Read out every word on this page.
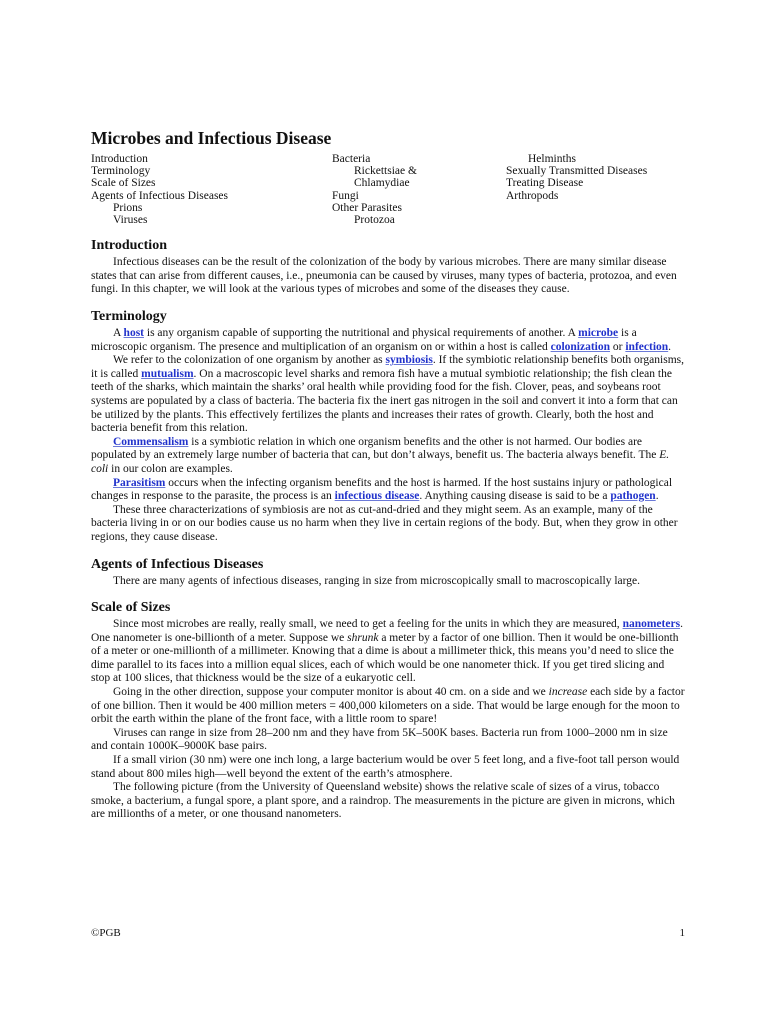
Microbes and Infectious Disease
Introduction
Terminology
Scale of Sizes
Agents of Infectious Diseases
Prions
Viruses
Bacteria
Rickettsiae &
Chlamydiae
Fungi
Other Parasites
Protozoa
Helminths
Sexually Transmitted Diseases
Treating Disease
Arthropods
Introduction

Infectious diseases can be the result of the colonization of the body by various microbes. There are many similar disease states that can arise from different causes, i.e., pneumonia can be caused by viruses, many types of bacteria, protozoa, and even fungi. In this chapter, we will look at the various types of microbes and some of the diseases they cause.

Terminology

A host is any organism capable of supporting the nutritional and physical requirements of another. A microbe is a microscopic organism. The presence and multiplication of an organism on or within a host is called colonization or infection.

We refer to the colonization of one organism by another as symbiosis. If the symbiotic relationship benefits both organisms, it is called mutualism. On a macroscopic level sharks and remora fish have a mutual symbiotic relationship; the fish clean the teeth of the sharks, which maintain the sharks’ oral health while providing food for the fish. Clover, peas, and soybeans root systems are populated by a class of bacteria. The bacteria fix the inert gas nitrogen in the soil and convert it into a form that can be utilized by the plants. This effectively fertilizes the plants and increases their rates of growth. Clearly, both the host and bacteria benefit from this relation.

Commensalism is a symbiotic relation in which one organism benefits and the other is not harmed. Our bodies are populated by an extremely large number of bacteria that can, but don’t always, benefit us. The bacteria always benefit. The E. coli in our colon are examples.

Parasitism occurs when the infecting organism benefits and the host is harmed. If the host sustains injury or pathological changes in response to the parasite, the process is an infectious disease. Anything causing disease is said to be a pathogen.

These three characterizations of symbiosis are not as cut-and-dried and they might seem. As an example, many of the bacteria living in or on our bodies cause us no harm when they live in certain regions of the body. But, when they grow in other regions, they cause disease.

Agents of Infectious Diseases

There are many agents of infectious diseases, ranging in size from microscopically small to macroscopically large.

Scale of Sizes

Since most microbes are really, really small, we need to get a feeling for the units in which they are measured, nanometers. One nanometer is one-billionth of a meter. Suppose we shrunk a meter by a factor of one billion. Then it would be one-billionth of a meter or one-millionth of a millimeter. Knowing that a dime is about a millimeter thick, this means you’d need to slice the dime parallel to its faces into a million equal slices, each of which would be one nanometer thick. If you get tired slicing and stop at 100 slices, that thickness would be the size of a eukaryotic cell.

Going in the other direction, suppose your computer monitor is about 40 cm. on a side and we increase each side by a factor of one billion. Then it would be 400 million meters = 400,000 kilometers on a side. That would be large enough for the moon to orbit the earth within the plane of the front face, with a little room to spare!

Viruses can range in size from 28–200 nm and they have from 5K–500K bases. Bacteria run from 1000–2000 nm in size and contain 1000K–9000K base pairs.

If a small virion (30 nm) were one inch long, a large bacterium would be over 5 feet long, and a five-foot tall person would stand about 800 miles high—well beyond the extent of the earth’s atmosphere.

The following picture (from the University of Queensland website) shows the relative scale of sizes of a virus, tobacco smoke, a bacterium, a fungal spore, a plant spore, and a raindrop. The measurements in the picture are given in microns, which are millionths of a meter, or one thousand nanometers.

©PGB	1
